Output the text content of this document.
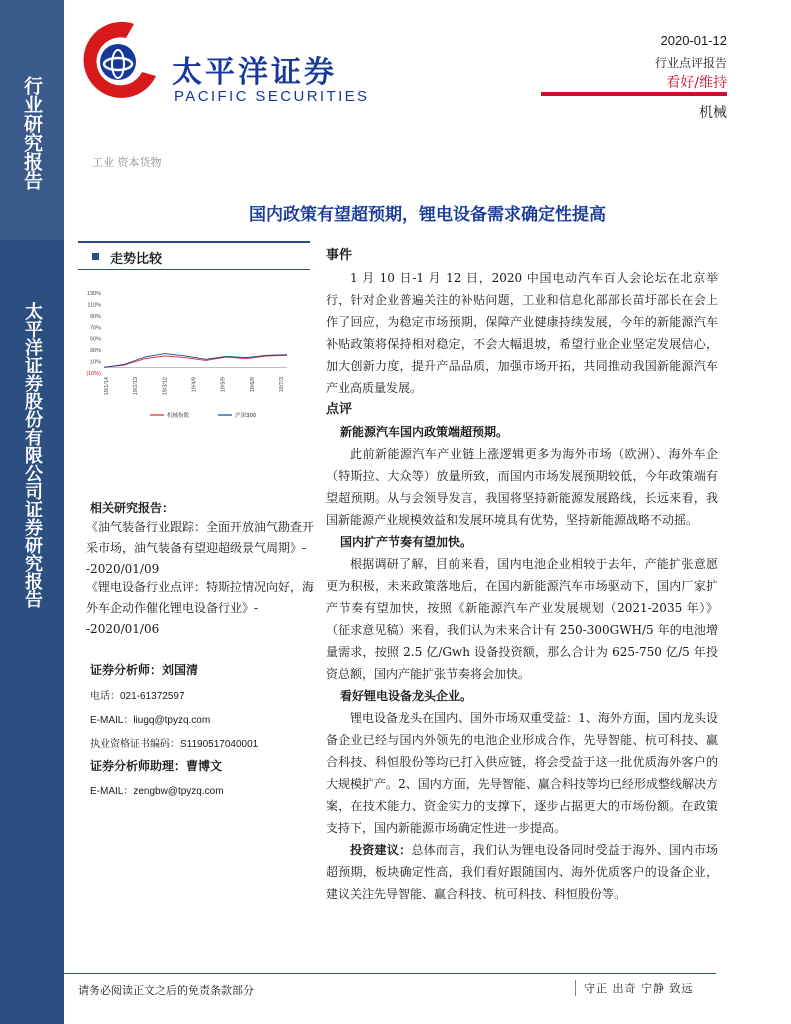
行业研究报告
太平洋证券股份有限公司证券研究报告
太平洋证券
PACIFIC SECURITIES
2020-01-12
行业点评报告
看好/维持
机械
工业 资本货物
国内政策有望超预期，锂电设备需求确定性提高
走势比较
130%
110%
90%
70%
50%
30%
10%
(10%)
19/1/14	19/2/13	19/3/12	19/4/9	19/5/9	19/6/9	19/7/3
机械指数	沪深300
相关研究报告：
《油气装备行业跟踪：全面开放油气勘查开采市场，油气装备有望迎超级景气周期》--2020/01/09
《锂电设备行业点评：特斯拉情况向好，海外车企动作催化锂电设备行业》--2020/01/06
证券分析师：刘国清
电话：021-61372597
E-MAIL：liugq@tpyzq.com
执业资格证书编码：S1190517040001
证券分析师助理：曹博文
E-MAIL：zengbw@tpyzq.com

事件

1 月 10 日-1 月 12 日，2020 中国电动汽车百人会论坛在北京举行，针对企业普遍关注的补贴问题，工业和信息化部部长苗圩部长在会上作了回应，为稳定市场预期，保障产业健康持续发展，今年的新能源汽车补贴政策将保持相对稳定，不会大幅退坡，希望行业企业坚定发展信心，加大创新力度，提升产品品质，加强市场开拓，共同推动我国新能源汽车产业高质量发展。

点评

新能源汽车国内政策端超预期。

此前新能源汽车产业链上涨逻辑更多为海外市场（欧洲）、海外车企（特斯拉、大众等）放量所致，而国内市场发展预期较低，今年政策端有望超预期。从与会领导发言，我国将坚持新能源发展路线，长远来看，我国新能源产业规模效益和发展环境具有优势，坚持新能源战略不动摇。

国内扩产节奏有望加快。

根据调研了解，目前来看，国内电池企业相较于去年，产能扩张意愿更为积极，未来政策落地后，在国内新能源汽车市场驱动下，国内厂家扩产节奏有望加快，按照《新能源汽车产业发展规划（2021-2035 年）》（征求意见稿）来看，我们认为未来合计有 250-300GWH/5 年的电池增量需求，按照 2.5 亿/Gwh 设备投资额，那么合计为 625-750 亿/5 年投资总额，国内产能扩张节奏将会加快。

看好锂电设备龙头企业。

锂电设备龙头在国内、国外市场双重受益：1、海外方面，国内龙头设备企业已经与国内外领先的电池企业形成合作，先导智能、杭可科技、赢合科技、科恒股份等均已打入供应链，将会受益于这一批优质海外客户的大规模扩产。2、国内方面，先导智能、赢合科技等均已经形成整线解决方案，在技术能力、资金实力的支撑下，逐步占据更大的市场份额。在政策支持下，国内新能源市场确定性进一步提高。

投资建议：总体而言，我们认为锂电设备同时受益于海外、国内市场超预期，板块确定性高，我们看好跟随国内、海外优质客户的设备企业，建议关注先导智能、赢合科技、杭可科技、科恒股份等。

请务必阅读正文之后的免责条款部分	守正 出奇 宁静 致远
